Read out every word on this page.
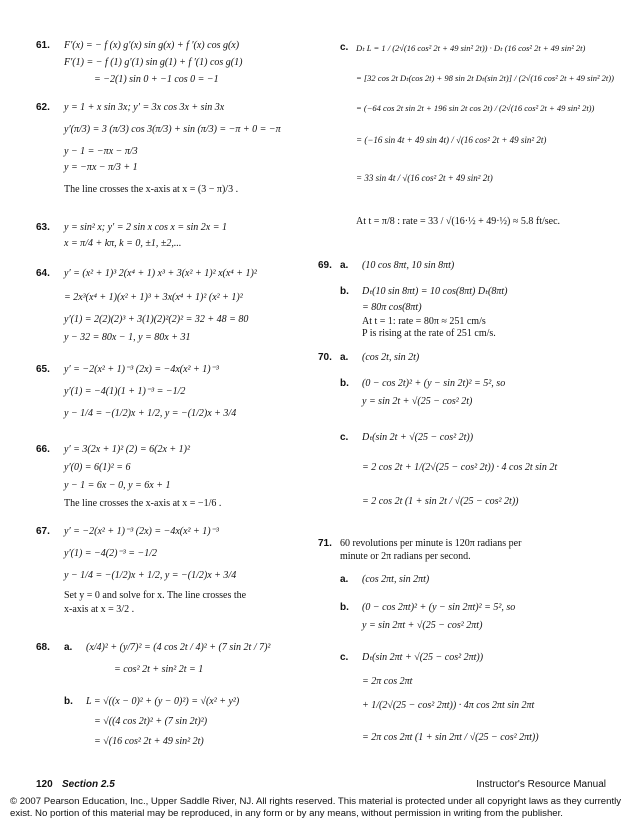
61. F′(x) = − f (x) g′(x) sin g(x) + f ′(x) cos g(x)
F′(1) = − f (1) g′(1) sin g(1) + f ′(1) cos g(1)
= −2(1) sin 0 + −1 cos 0 = −1
62. y = 1 + x sin 3x; y′ = 3x cos 3x + sin 3x
y′(π/3) = 3 (π/3) cos 3(π/3) + sin (π/3) = −π + 0 = −π
y − 1 = −πx − π/3
y = −πx − π/3 + 1
The line crosses the x-axis at x = (3 − π)/3 .
63. y = sin² x; y′ = 2 sin x cos x = sin 2x = 1
x = π/4 + kπ, k = 0, ±1, ±2,...
64. y′ = (x² + 1)³ 2(x⁴ + 1) x³ + 3(x² + 1)² x(x⁴ + 1)²
= 2x³(x⁴ + 1)(x² + 1)³ + 3x(x⁴ + 1)² (x² + 1)²
y′(1) = 2(2)(2)³ + 3(1)(2)²(2)² = 32 + 48 = 80
y − 32 = 80x − 1, y = 80x + 31
65. y′ = −2(x² + 1)⁻³ (2x) = −4x(x² + 1)⁻³
y′(1) = −4(1)(1 + 1)⁻³ = −1/2
y − 1/4 = −(1/2)x + 1/2, y = −(1/2)x + 3/4
66. y′ = 3(2x + 1)² (2) = 6(2x + 1)²
y′(0) = 6(1)² = 6
y − 1 = 6x − 0, y = 6x + 1
The line crosses the x-axis at x = −1/6 .
67. y′ = −2(x² + 1)⁻³ (2x) = −4x(x² + 1)⁻³
y′(1) = −4(2)⁻³ = −1/2
y − 1/4 = −(1/2)x + 1/2, y = −(1/2)x + 3/4
Set y = 0 and solve for x. The line crosses the
x-axis at x = 3/2 .
68. a. (x/4)² + (y/7)² = (4 cos 2t / 4)² + (7 sin 2t / 7)²
= cos² 2t + sin² 2t = 1
b. L = √((x − 0)² + (y − 0)²) = √(x² + y²)
= √((4 cos 2t)² + (7 sin 2t)²)
= √(16 cos² 2t + 49 sin² 2t)
c. Dₜ L = 1 / (2√(16 cos² 2t + 49 sin² 2t)) · Dₜ (16 cos² 2t + 49 sin² 2t)
= [32 cos 2t Dₜ(cos 2t) + 98 sin 2t Dₜ(sin 2t)] / (2√(16 cos² 2t + 49 sin² 2t))
= (−64 cos 2t sin 2t + 196 sin 2t cos 2t) / (2√(16 cos² 2t + 49 sin² 2t))
= (−16 sin 4t + 49 sin 4t) / √(16 cos² 2t + 49 sin² 2t)
= 33 sin 4t / √(16 cos² 2t + 49 sin² 2t)
At t = π/8 : rate = 33 / √(16·½ + 49·½) ≈ 5.8 ft/sec.
69. a. (10 cos 8πt, 10 sin 8πt)
b. Dₜ(10 sin 8πt) = 10 cos(8πt) Dₜ(8πt)
= 80π cos(8πt)
At t = 1: rate = 80π ≈ 251 cm/s
P is rising at the rate of 251 cm/s.
70. a. (cos 2t, sin 2t)
b. (0 − cos 2t)² + (y − sin 2t)² = 5², so
y = sin 2t + √(25 − cos² 2t)
c. Dₜ(sin 2t + √(25 − cos² 2t))
= 2 cos 2t + 1/(2√(25 − cos² 2t)) · 4 cos 2t sin 2t
= 2 cos 2t (1 + sin 2t / √(25 − cos² 2t))
71. 60 revolutions per minute is 120π radians per
minute or 2π radians per second.
a. (cos 2πt, sin 2πt)
b. (0 − cos 2πt)² + (y − sin 2πt)² = 5², so
y = sin 2πt + √(25 − cos² 2πt)
c. Dₜ(sin 2πt + √(25 − cos² 2πt))
= 2π cos 2πt
+ 1/(2√(25 − cos² 2πt)) · 4π cos 2πt sin 2πt
= 2π cos 2πt (1 + sin 2πt / √(25 − cos² 2πt))
120 Section 2.5	Instructor's Resource Manual
© 2007 Pearson Education, Inc., Upper Saddle River, NJ. All rights reserved. This material is protected under all copyright laws as they currently exist. No portion of this material may be reproduced, in any form or by any means, without permission in writing from the publisher.
